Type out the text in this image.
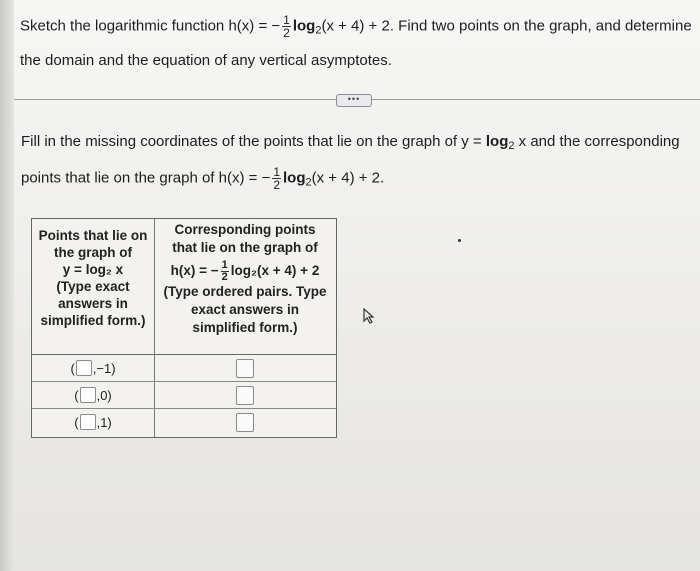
Sketch the logarithmic function h(x) = − $\frac{1}{2} \log_2(x + 4) + 2$. Find two points on the graph, and determine
the domain and the equation of any vertical asymptotes.
•••
Fill in the missing coordinates of the points that lie on the graph of $y = \log_2 x$ and the corresponding
points that lie on the graph of h(x) = − $\frac{1}{2} \log_2(x + 4) + 2$.
Points that lie on
the graph of
y = log₂ x
(Type exact
answers in
simplified form.)
Corresponding points
that lie on the graph of
h(x) = − $\frac{1}{2} \log_2(x + 4) + 2$
(Type ordered pairs. Type
exact answers in
simplified form.)
( ,−1)
( ,0)
( ,1)
